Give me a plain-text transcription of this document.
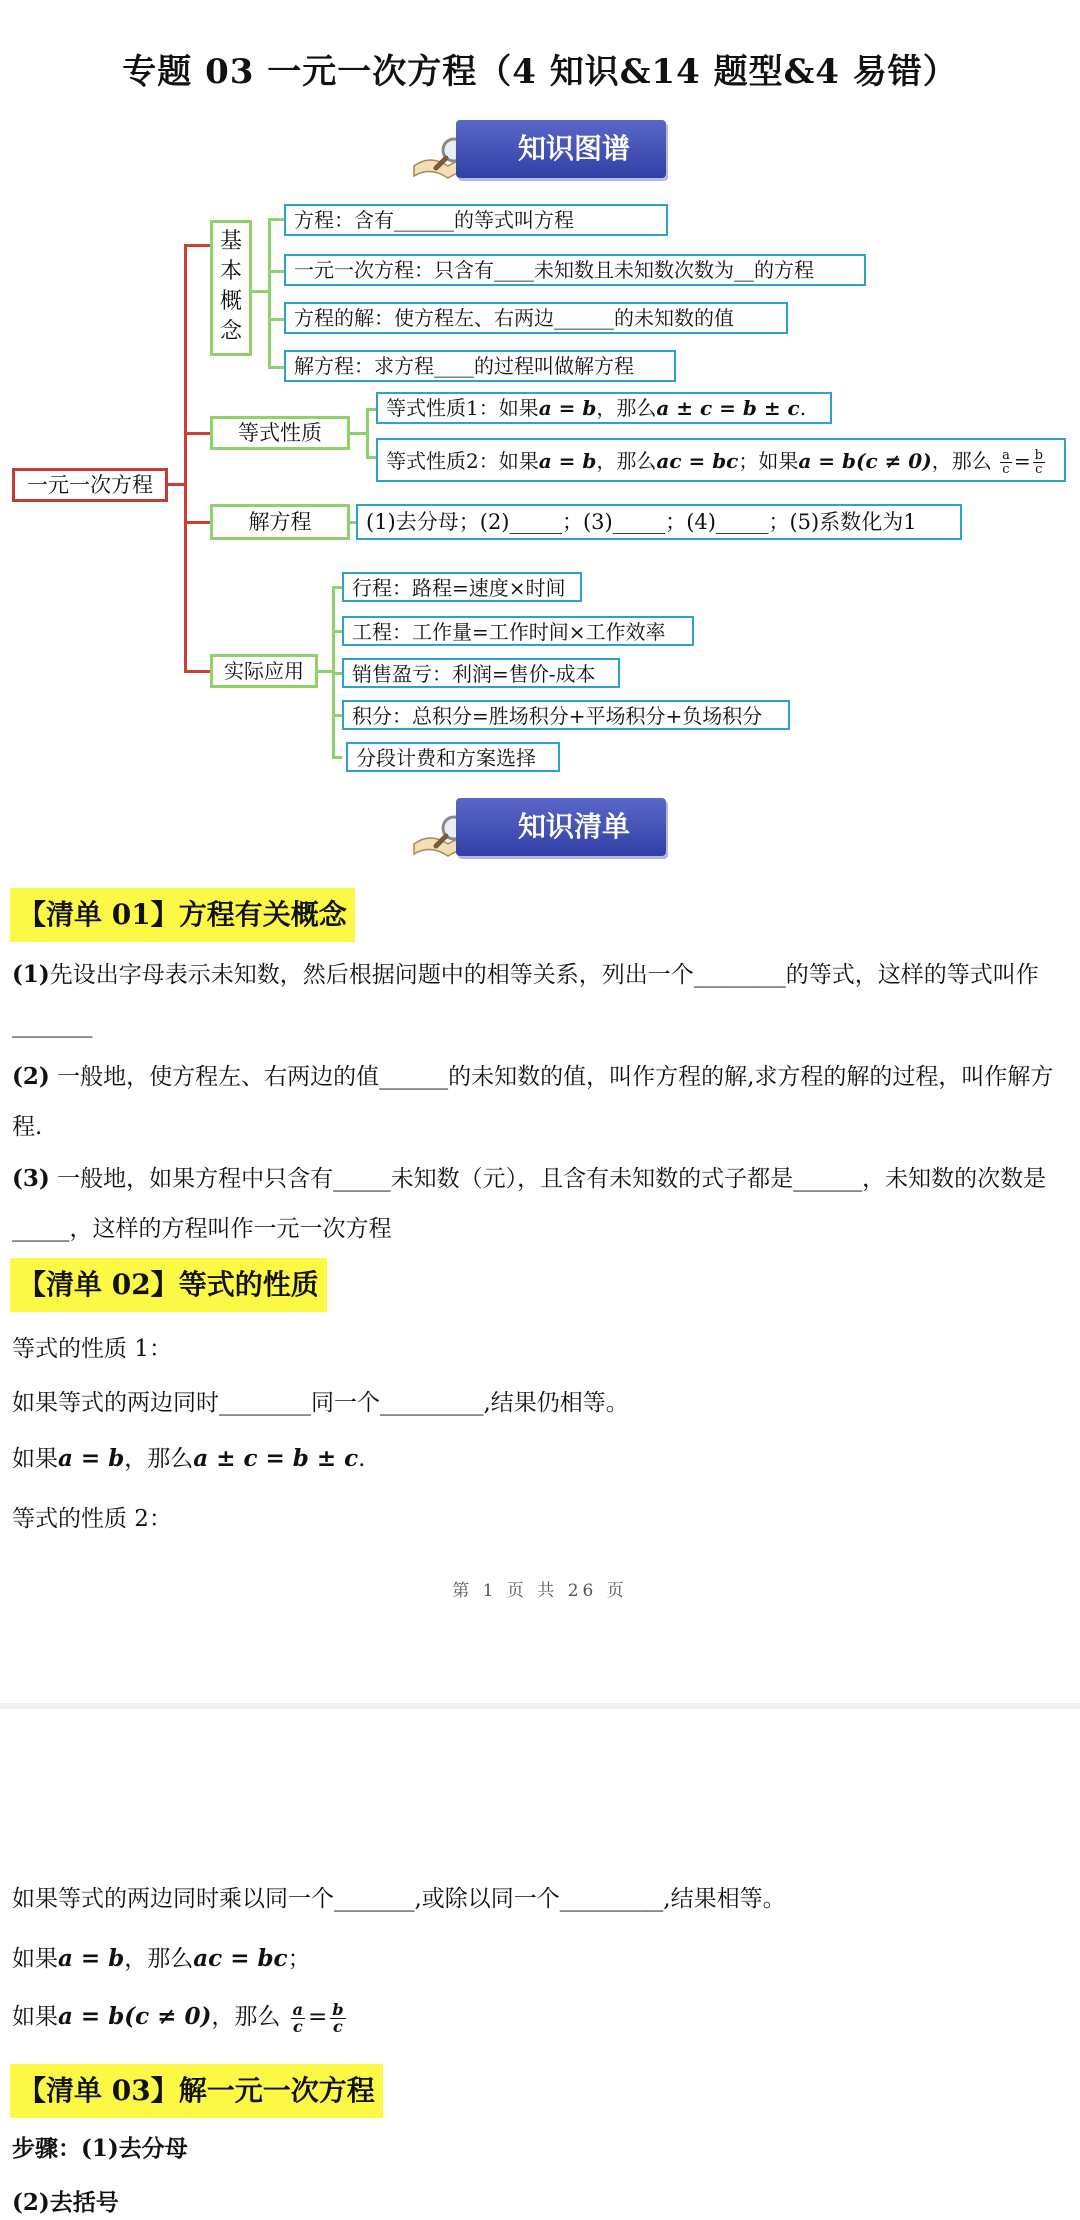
专题 03 一元一次方程（4 知识&14 题型&4 易错）
知识图谱
一元一次方程
基本概念
方程：含有______的等式叫方程
一元一次方程：只含有____未知数且未知数次数为__的方程
方程的解：使方程左、右两边______的未知数的值
解方程：求方程____的过程叫做解方程
等式性质
等式性质1：如果a = b，那么a ± c = b ± c.
等式性质2：如果a = b，那么ac = bc；如果a = b(c ≠ 0)，那么 $\frac{a}{c} = \frac{b}{c}$
解方程	(1)去分母；(2)_____；(3)_____；(4)_____；(5)系数化为1
实际应用
行程：路程=速度×时间
工程：工作量=工作时间×工作效率
销售盈亏：利润=售价-成本
积分：总积分=胜场积分+平场积分+负场积分
分段计费和方案选择
知识清单
【清单 01】方程有关概念
(1)先设出字母表示未知数，然后根据问题中的相等关系，列出一个________的等式，这样的等式叫作_______
(2) 一般地，使方程左、右两边的值______的未知数的值，叫作方程的解,求方程的解的过程，叫作解方程.
(3) 一般地，如果方程中只含有_____未知数（元），且含有未知数的式子都是______，未知数的次数是_____，这样的方程叫作一元一次方程
【清单 02】等式的性质
等式的性质 1：
如果等式的两边同时________同一个_________,结果仍相等。
如果a = b，那么a ± c = b ± c.
等式的性质 2：
第 1 页 共 26 页
如果等式的两边同时乘以同一个_______,或除以同一个_________,结果相等。
如果a = b，那么ac = bc；
如果a = b(c ≠ 0)，那么 $\frac{a}{c} = \frac{b}{c}$
【清单 03】解一元一次方程
步骤：(1)去分母
(2)去括号
